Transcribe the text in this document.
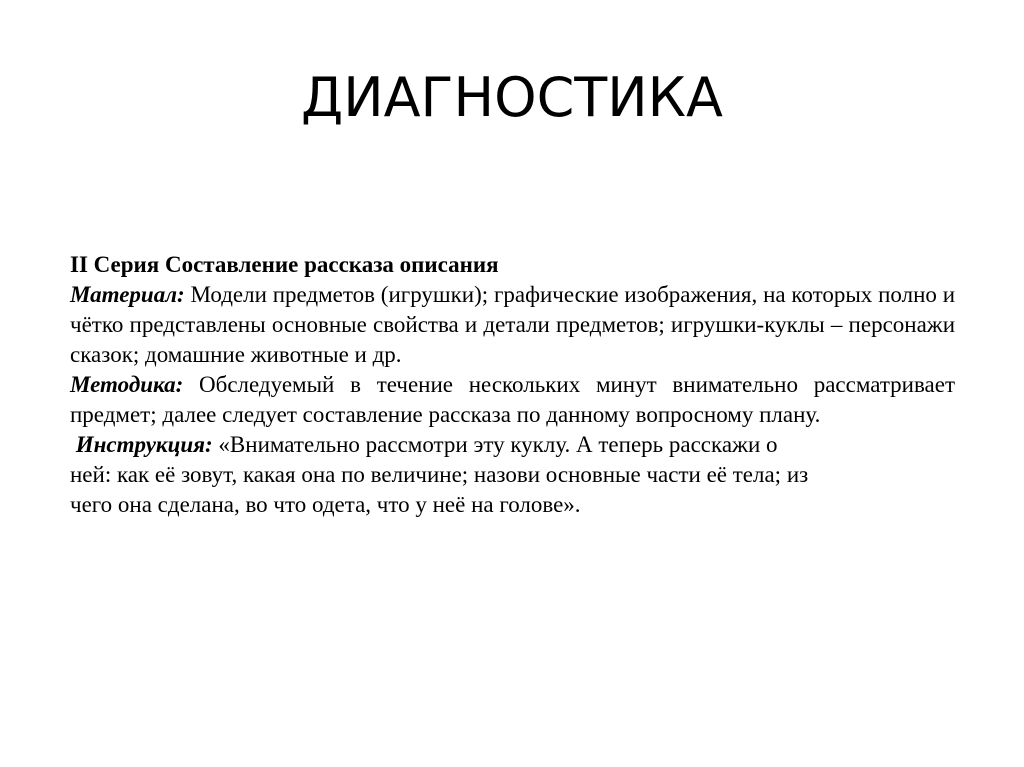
ДИАГНОСТИКА

II Серия Составление рассказа описания

Материал: Модели предметов (игрушки); графические изображения, на которых полно и чётко представлены основные свойства и детали предметов; игрушки-куклы – персонажи сказок; домашние животные и др.

Методика: Обследуемый в течение нескольких минут внимательно рассматривает предмет; далее следует составление рассказа по данному вопросному плану.

Инструкция: «Внимательно рассмотри эту куклу. А теперь расскажи о
ней: как её зовут, какая она по величине; назови основные части её тела; из
чего она сделана, во что одета, что у неё на голове».
